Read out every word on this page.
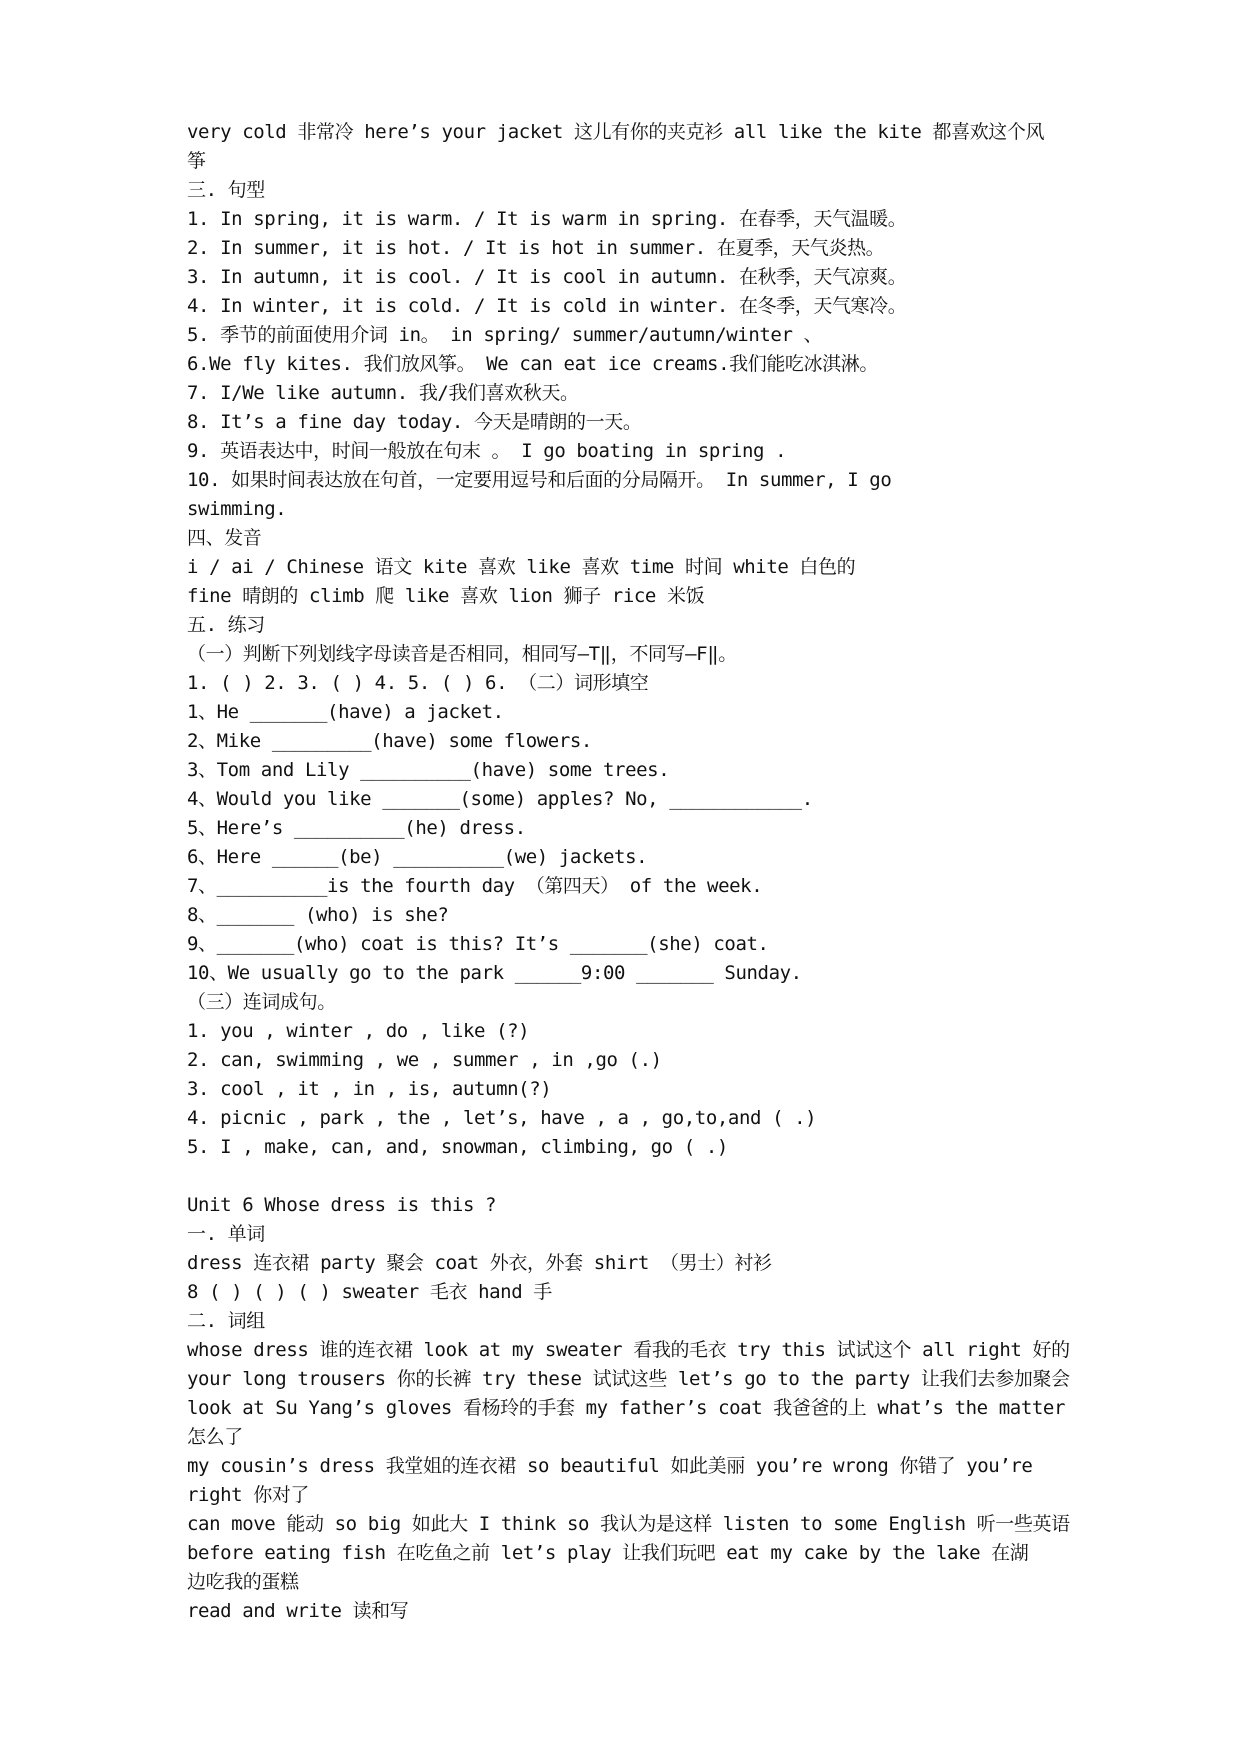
very cold 非常冷 here’s your jacket 这儿有你的夹克衫 all like the kite 都喜欢这个风
筝
三. 句型
1. In spring, it is warm. / It is warm in spring. 在春季，天气温暖。
2. In summer, it is hot. / It is hot in summer. 在夏季，天气炎热。
3. In autumn, it is cool. / It is cool in autumn. 在秋季，天气凉爽。
4. In winter, it is cold. / It is cold in winter. 在冬季，天气寒冷。
5. 季节的前面使用介词 in。 in spring/ summer/autumn/winter 、
6.We fly kites. 我们放风筝。 We can eat ice creams.我们能吃冰淇淋。
7. I/We like autumn. 我/我们喜欢秋天。
8. It’s a fine day today. 今天是晴朗的一天。
9. 英语表达中，时间一般放在句末 。 I go boating in spring .
10. 如果时间表达放在句首，一定要用逗号和后面的分局隔开。 In summer, I go
swimming.
四、发音
i / ai / Chinese 语文 kite 喜欢 like 喜欢 time 时间 white 白色的
fine 晴朗的 climb 爬 like 喜欢 lion 狮子 rice 米饭
五. 练习
（一）判断下列划线字母读音是否相同，相同写―T‖，不同写―F‖。
1. ( ) 2. 3. ( ) 4. 5. ( ) 6. （二）词形填空
1、He _______(have) a jacket.
2、Mike _________(have) some flowers.
3、Tom and Lily __________(have) some trees.
4、Would you like _______(some) apples? No, ____________.
5、Here’s __________(he) dress.
6、Here ______(be) __________(we) jackets.
7、__________is the fourth day （第四天） of the week.
8、_______ (who) is she?
9、_______(who) coat is this? It’s _______(she) coat.
10、We usually go to the park ______9:00 _______ Sunday.
（三）连词成句。
1. you , winter , do , like (?)
2. can, swimming , we , summer , in ,go (.)
3. cool , it , in , is, autumn(?)
4. picnic , park , the , let’s, have , a , go,to,and ( .)
5. I , make, can, and, snowman, climbing, go ( .)
Unit 6 Whose dress is this ?
一. 单词
dress 连衣裙 party 聚会 coat 外衣，外套 shirt （男士）衬衫
8 ( ) ( ) ( ) sweater 毛衣 hand 手
二. 词组
whose dress 谁的连衣裙 look at my sweater 看我的毛衣 try this 试试这个 all right 好的
your long trousers 你的长裤 try these 试试这些 let’s go to the party 让我们去参加聚会
look at Su Yang’s gloves 看杨玲的手套 my father’s coat 我爸爸的上 what’s the matter
怎么了
my cousin’s dress 我堂姐的连衣裙 so beautiful 如此美丽 you’re wrong 你错了 you’re
right 你对了
can move 能动 so big 如此大 I think so 我认为是这样 listen to some English 听一些英语
before eating fish 在吃鱼之前 let’s play 让我们玩吧 eat my cake by the lake 在湖
边吃我的蛋糕
read and write 读和写
